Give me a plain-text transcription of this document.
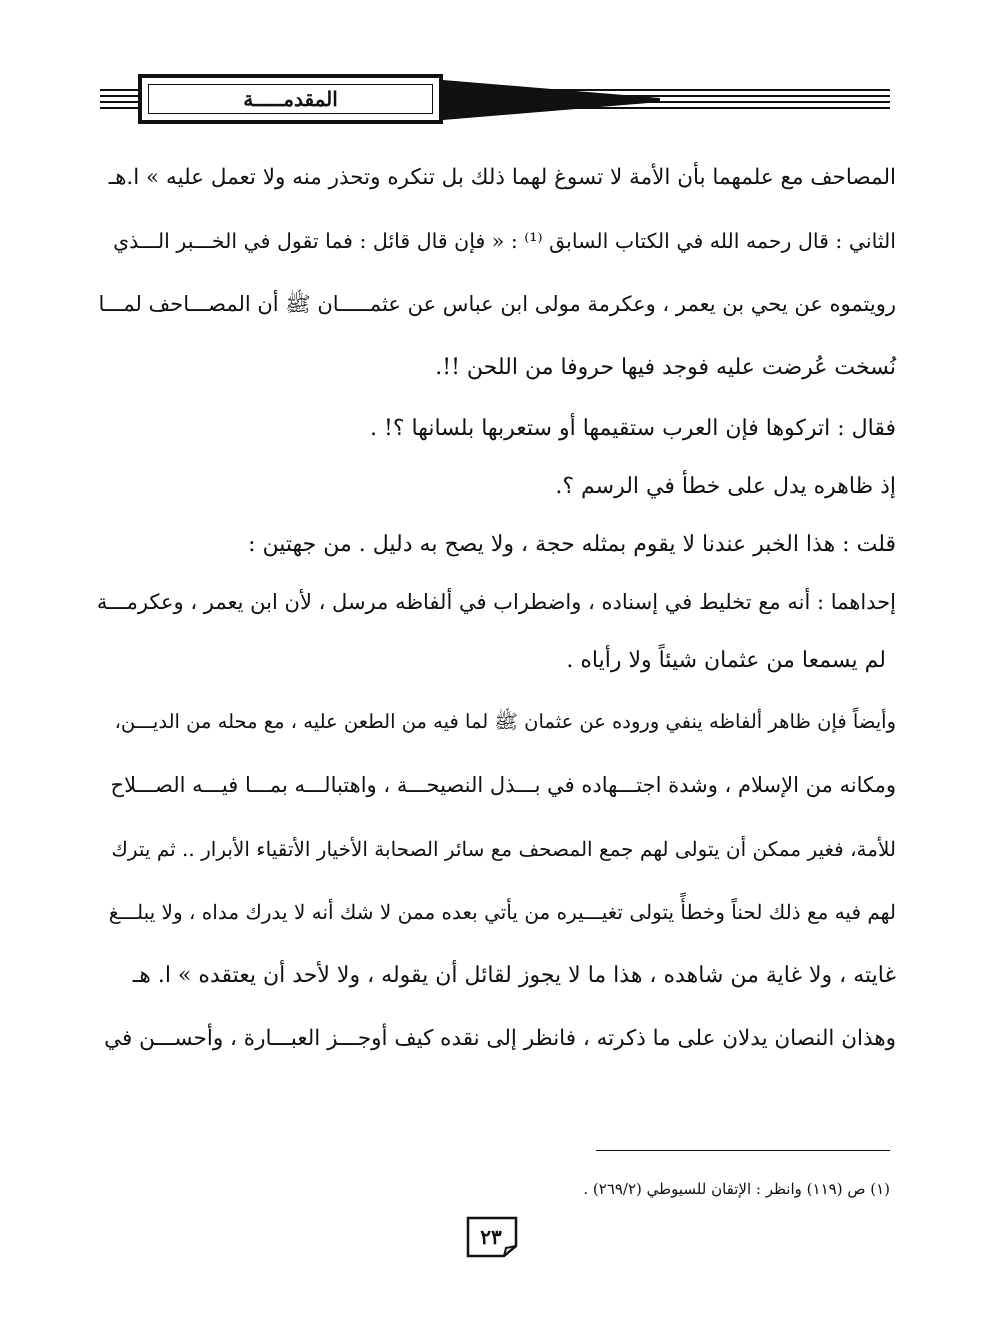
المقدمـــــة
المصاحف مع علمهما بأن الأمة لا تسوغ لهما ذلك بل تنكره وتحذر منه ولا تعمل عليه » ا.هـ
الثاني : قال رحمه الله في الكتاب السابق ⁽¹⁾ : « فإن قال قائل : فما تقول في الخـــبر الـــذي
رويتموه عن يحي بن يعمر ، وعكرمة مولى ابن عباس عن عثمـــــان ﷺ أن المصـــاحف لمـــا
نُسخت عُرضت عليه فوجد فيها حروفا من اللحن !!.
فقال : اتركوها فإن العرب ستقيمها أو ستعربها بلسانها ؟! .
إذ ظاهره يدل على خطأ في الرسم ؟.
قلت : هذا الخبر عندنا لا يقوم بمثله حجة ، ولا يصح به دليل . من جهتين :
إحداهما : أنه مع تخليط في إسناده ، واضطراب في ألفاظه مرسل ، لأن ابن يعمر ، وعكرمـــة
لم يسمعا من عثمان شيئاً ولا رأياه .
وأيضاً فإن ظاهر ألفاظه ينفي وروده عن عثمان ﷺ لما فيه من الطعن عليه ، مع محله من الديـــن،
ومكانه من الإسلام ، وشدة اجتـــهاده في بـــذل النصيحـــة ، واهتبالـــه بمـــا فيـــه الصـــلاح
للأمة، فغير ممكن أن يتولى لهم جمع المصحف مع سائر الصحابة الأخيار الأتقياء الأبرار .. ثم يترك
لهم فيه مع ذلك لحناً وخطأً يتولى تغيـــيره من يأتي بعده ممن لا شك أنه لا يدرك مداه ، ولا يبلـــغ
غايته ، ولا غاية من شاهده ، هذا ما لا يجوز لقائل أن يقوله ، ولا لأحد أن يعتقده » ا. هـ
وهذان النصان يدلان على ما ذكرته ، فانظر إلى نقده كيف أوجـــز العبـــارة ، وأحســـن في
(١) ص (١١٩) وانظر : الإتقان للسيوطي (٢٦٩/٢) .
٢٣
